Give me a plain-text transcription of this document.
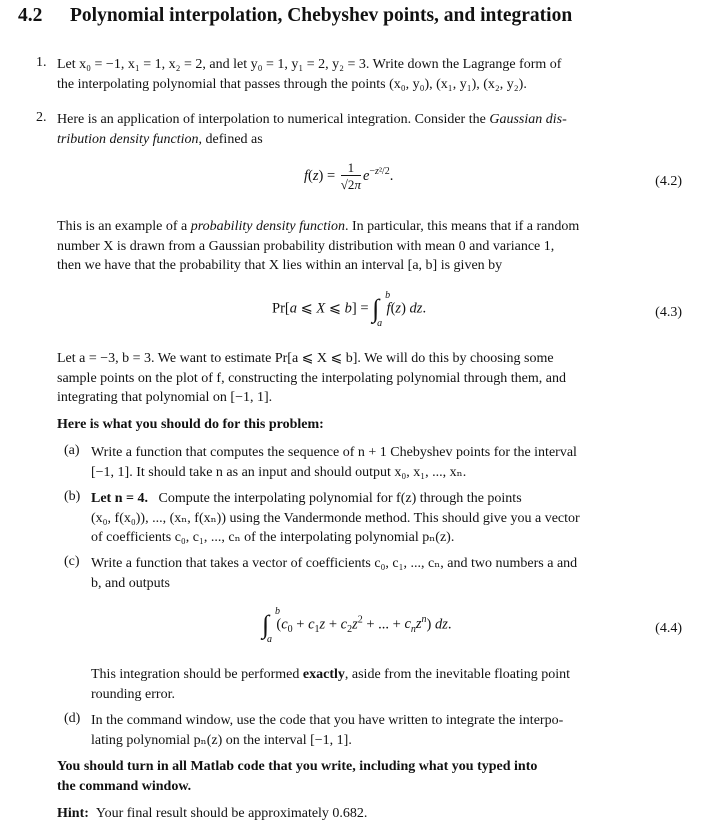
4.2 Polynomial interpolation, Chebyshev points, and integration
1. Let x₀ = −1, x₁ = 1, x₂ = 2, and let y₀ = 1, y₁ = 2, y₂ = 3. Write down the Lagrange form of
the interpolating polynomial that passes through the points (x₀, y₀), (x₁, y₁), (x₂, y₂).
2. Here is an application of interpolation to numerical integration. Consider the Gaussian dis-
tribution density function, defined as
$f(z) = \frac{1}{√2\pi} e^{-z^2/2}$.	(4.2)
This is an example of a probability density function. In particular, this means that if a random
number X is drawn from a Gaussian probability distribution with mean 0 and variance 1,
then we have that the probability that X lies within an interval [a, b] is given by
Pr[a ⩽ X ⩽ b] = ∫ b
a
f(z) dz.	(4.3)
Let a = −3, b = 3. We want to estimate Pr[a ⩽ X ⩽ b]. We will do this by choosing some
sample points on the plot of f, constructing the interpolating polynomial through them, and
integrating that polynomial on [−1, 1].
Here is what you should do for this problem:
(a) Write a function that computes the sequence of n + 1 Chebyshev points for the interval
[−1, 1]. It should take n as an input and should output x₀, x₁, ..., xₙ.
(b) Let n = 4. Compute the interpolating polynomial for f(z) through the points
(x₀, f(x₀)), ..., (xₙ, f(xₙ)) using the Vandermonde method. This should give you a vector
of coefficients c₀, c₁, ..., cₙ of the interpolating polynomial pₙ(z).
(c) Write a function that takes a vector of coefficients c₀, c₁, ..., cₙ, and two numbers a and
b, and outputs
∫ b
a
($c_0 + c_1z + c_2z^2$ + ... + $c_nz^n$) dz.	(4.4)
This integration should be performed exactly, aside from the inevitable floating point
rounding error.
(d) In the command window, use the code that you have written to integrate the interpo-
lating polynomial pₙ(z) on the interval [−1, 1].
You should turn in all Matlab code that you write, including what you typed into
the command window.
Hint: Your final result should be approximately 0.682.
